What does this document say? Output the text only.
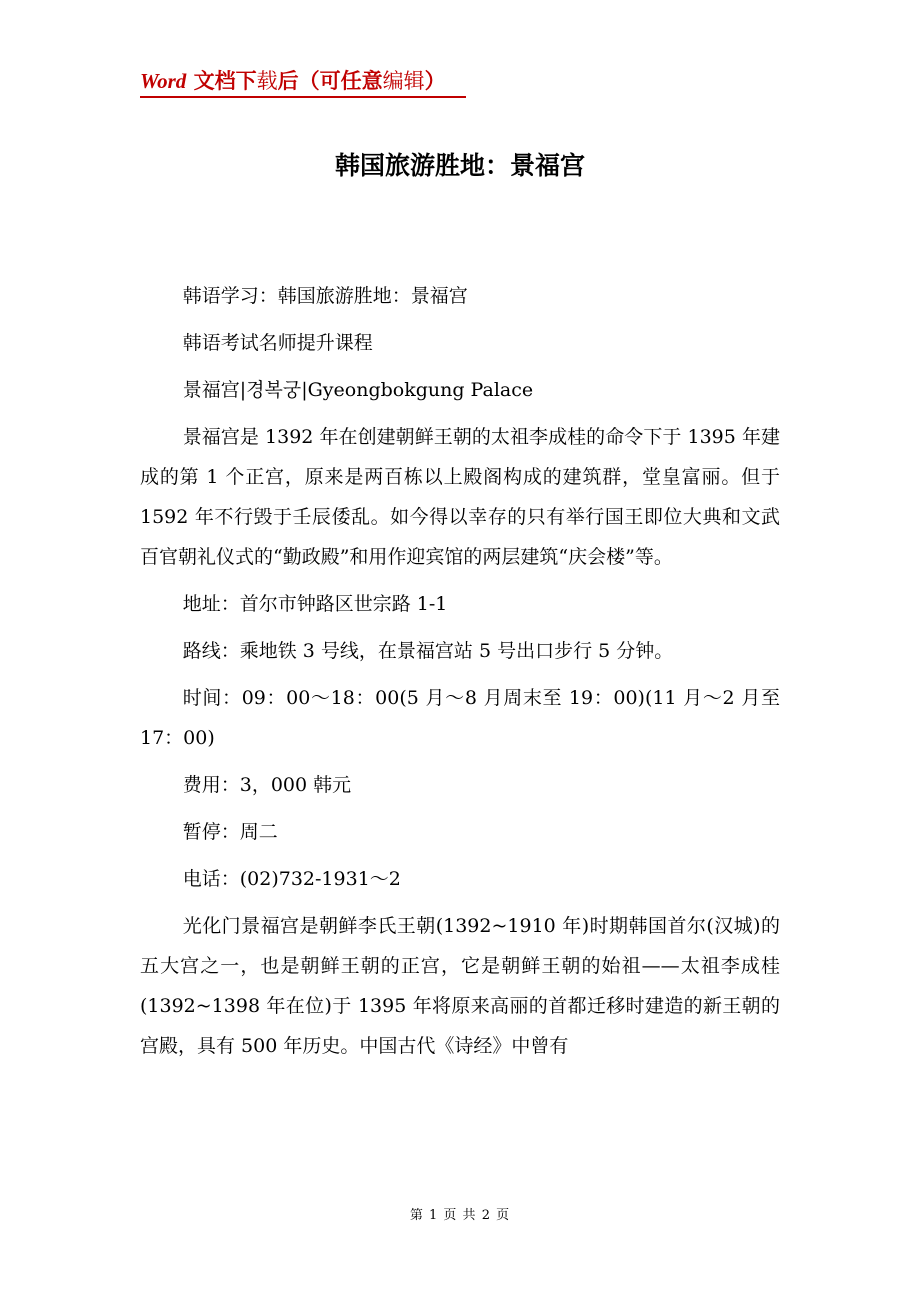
Word 文档下载后（可任意编辑）
韩国旅游胜地：景福宫

韩语学习：韩国旅游胜地：景福宫

韩语考试名师提升课程

景福宫|경복궁|Gyeongbokgung Palace

景福宫是 1392 年在创建朝鲜王朝的太祖李成桂的命令下于 1395 年建成的第 1 个正宫，原来是两百栋以上殿阁构成的建筑群，堂皇富丽。但于 1592 年不行毁于壬辰倭乱。如今得以幸存的只有举行国王即位大典和文武百官朝礼仪式的“勤政殿”和用作迎宾馆的两层建筑“庆会楼”等。

地址：首尔市钟路区世宗路 1-1

路线：乘地铁 3 号线，在景福宫站 5 号出口步行 5 分钟。

时间：09：00～18：00(5 月～8 月周末至 19：00)(11 月～2 月至 17：00)

费用：3，000 韩元

暂停：周二

电话：(02)732-1931～2

光化门景福宫是朝鲜李氏王朝(1392~1910 年)时期韩国首尔(汉城)的五大宫之一，也是朝鲜王朝的正宫，它是朝鲜王朝的始祖——太祖李成桂(1392~1398 年在位)于 1395 年将原来高丽的首都迁移时建造的新王朝的宫殿，具有 500 年历史。中国古代《诗经》中曾有

第 1 页 共 2 页
